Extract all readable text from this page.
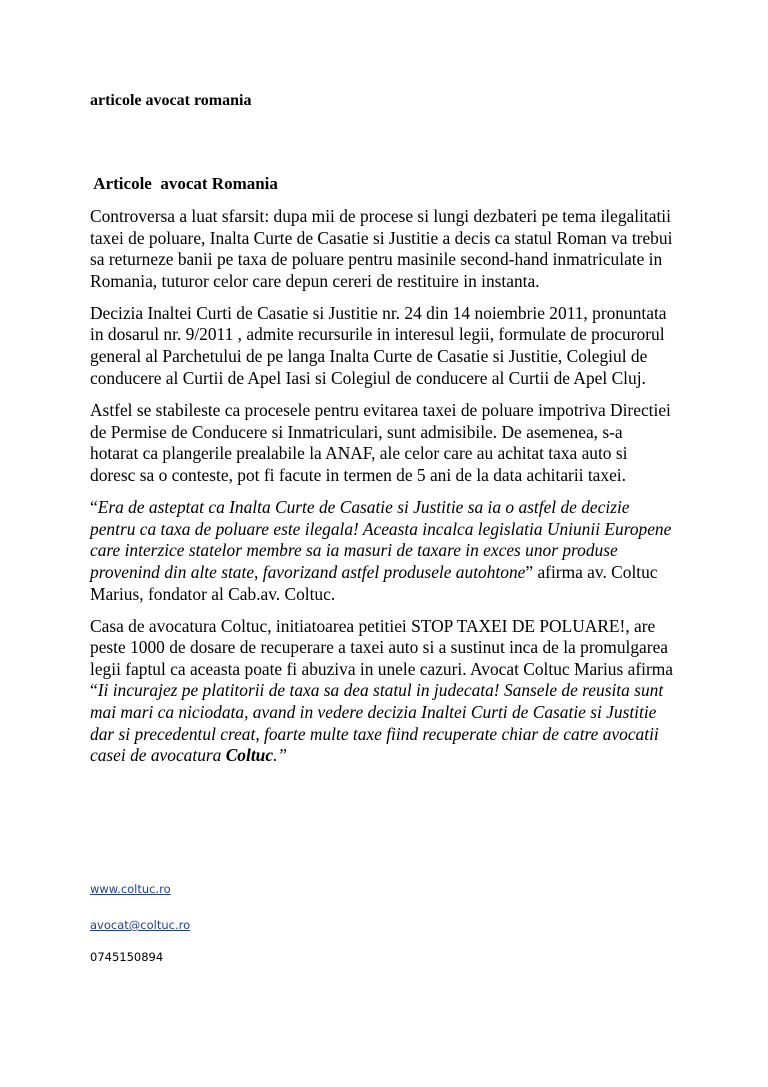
articole avocat romania
Articole  avocat Romania

Controversa a luat sfarsit: dupa mii de procese si lungi dezbateri pe tema ilegalitatii taxei de poluare, Inalta Curte de Casatie si Justitie a decis ca statul Roman va trebui sa returneze banii pe taxa de poluare pentru masinile second-hand inmatriculate in Romania, tuturor celor care depun cereri de restituire in instanta.

Decizia Inaltei Curti de Casatie si Justitie nr. 24 din 14 noiembrie 2011, pronuntata in dosarul nr. 9/2011 , admite recursurile in interesul legii, formulate de procurorul general al Parchetului de pe langa Inalta Curte de Casatie si Justitie, Colegiul de conducere al Curtii de Apel Iasi si Colegiul de conducere al Curtii de Apel Cluj.

Astfel se stabileste ca procesele pentru evitarea taxei de poluare impotriva Directiei de Permise de Conducere si Inmatriculari, sunt admisibile. De asemenea, s-a hotarat ca plangerile prealabile la ANAF, ale celor care au achitat taxa auto si doresc sa o conteste, pot fi facute in termen de 5 ani de la data achitarii taxei.

“Era de asteptat ca Inalta Curte de Casatie si Justitie sa ia o astfel de decizie pentru ca taxa de poluare este ilegala! Aceasta incalca legislatia Uniunii Europene care interzice statelor membre sa ia masuri de taxare in exces unor produse provenind din alte state, favorizand astfel produsele autohtone” afirma av. Coltuc Marius, fondator al Cab.av. Coltuc.

Casa de avocatura Coltuc, initiatoarea petitiei STOP TAXEI DE POLUARE!, are peste 1000 de dosare de recuperare a taxei auto si a sustinut inca de la promulgarea legii faptul ca aceasta poate fi abuziva in unele cazuri. Avocat Coltuc Marius afirma “Ii incurajez pe platitorii de taxa sa dea statul in judecata! Sansele de reusita sunt mai mari ca niciodata, avand in vedere decizia Inaltei Curti de Casatie si Justitie dar si precedentul creat, foarte multe taxe fiind recuperate chiar de catre avocatii casei de avocatura Coltuc.”

www.coltuc.ro
avocat@coltuc.ro
0745150894
